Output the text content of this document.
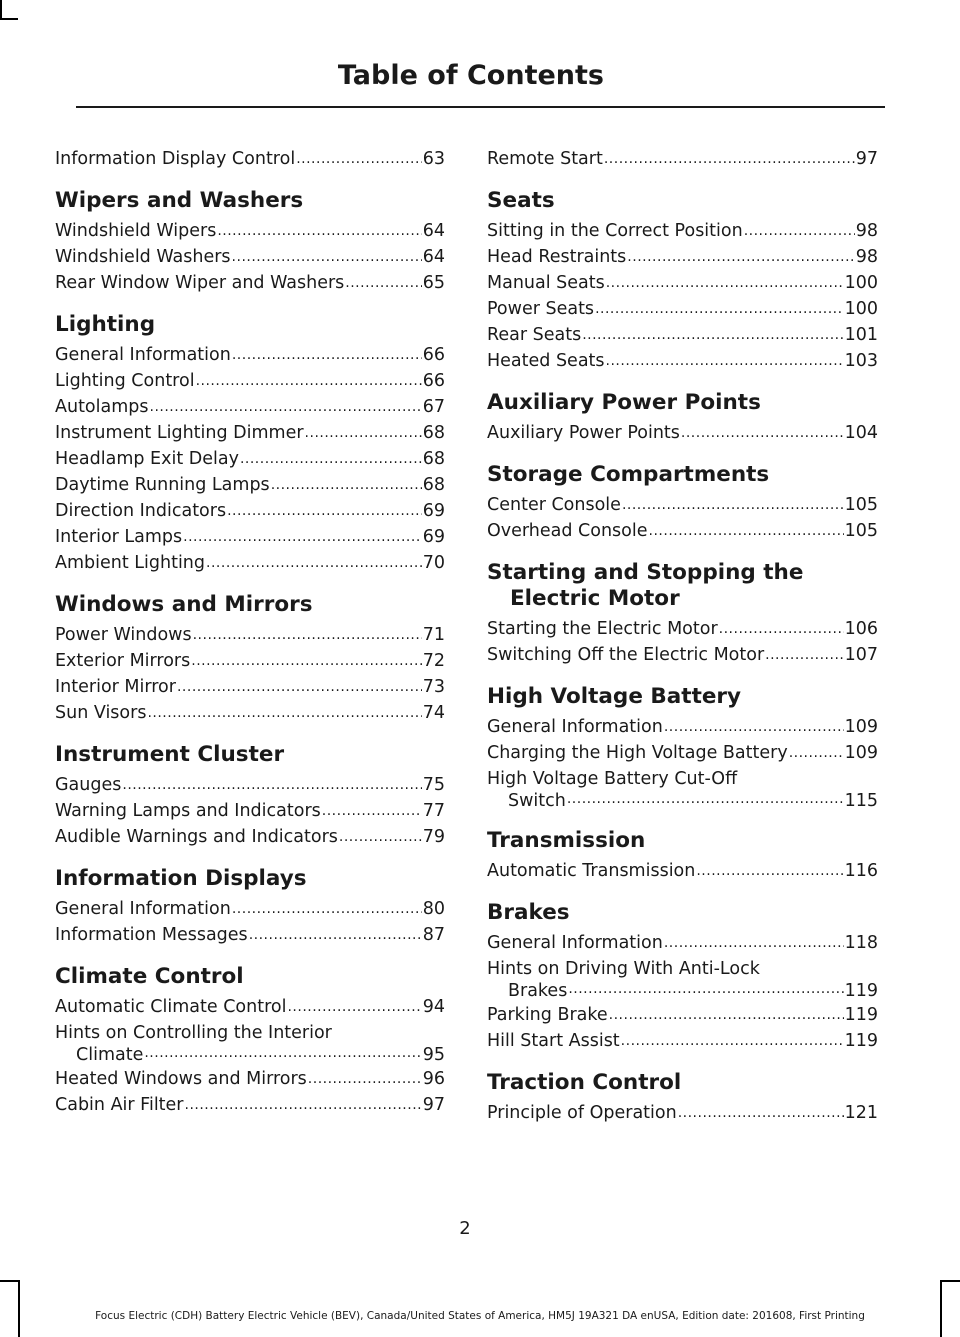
Table of Contents
Information Display Control .....	63
Wipers and Washers
Windshield Wipers .....	64
Windshield Washers .....	64
Rear Window Wiper and Washers .....	65
Lighting
General Information .....	66
Lighting Control .....	66
Autolamps .....	67
Instrument Lighting Dimmer .....	68
Headlamp Exit Delay .....	68
Daytime Running Lamps .....	68
Direction Indicators .....	69
Interior Lamps .....	69
Ambient Lighting .....	70
Windows and Mirrors
Power Windows .....	71
Exterior Mirrors .....	72
Interior Mirror .....	73
Sun Visors .....	74
Instrument Cluster
Gauges .....	75
Warning Lamps and Indicators .....	77
Audible Warnings and Indicators .....	79
Information Displays
General Information .....	80
Information Messages .....	87
Climate Control
Automatic Climate Control .....	94
Hints on Controlling the Interior
Climate .....	95
Heated Windows and Mirrors .....	96
Cabin Air Filter .....	97
Remote Start .....	97
Seats
Sitting in the Correct Position .....	98
Head Restraints .....	98
Manual Seats .....	100
Power Seats .....	100
Rear Seats .....	101
Heated Seats .....	103
Auxiliary Power Points
Auxiliary Power Points .....	104
Storage Compartments
Center Console .....	105
Overhead Console .....	105
Starting and Stopping the
Electric Motor
Starting the Electric Motor .....	106
Switching Off the Electric Motor .....	107
High Voltage Battery
General Information .....	109
Charging the High Voltage Battery .....	109
High Voltage Battery Cut-Off
Switch .....	115
Transmission
Automatic Transmission .....	116
Brakes
General Information .....	118
Hints on Driving With Anti-Lock
Brakes .....	119
Parking Brake .....	119
Hill Start Assist .....	119
Traction Control
Principle of Operation .....	121
2
Focus Electric (CDH) Battery Electric Vehicle (BEV), Canada/United States of America, HM5J 19A321 DA enUSA, Edition date: 201608, First Printing
